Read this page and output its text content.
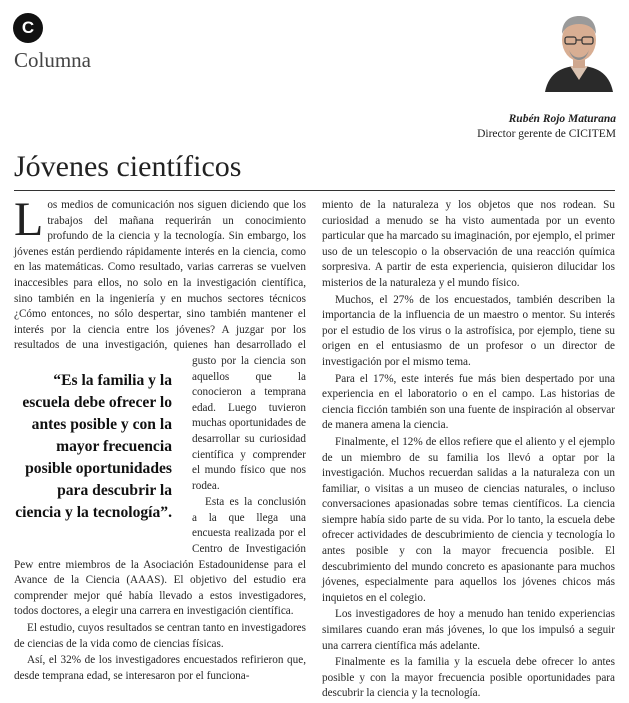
C
Columna
Rubén Rojo Maturana
Director gerente de CICITEM
Jóvenes científicos

L os medios de comunicación nos siguen diciendo que los trabajos del mañana requerirán un conocimiento profundo de la ciencia y la tecnología. Sin embargo, los jóvenes están perdiendo rápidamente interés en la ciencia, como en las matemáticas. Como resultado, varias carreras se vuelven inaccesibles para ellos, no solo en la investigación científica, sino también en la ingeniería y en muchos sectores técnicos ¿Cómo entonces, no sólo despertar, sino también mantener el interés por la ciencia entre los jóvenes? A juzgar por los resultados de una investigación, quienes han
desarrollado el gusto por la ciencia son aquellos que la conocieron a temprana edad. Luego tuvieron muchas oportunidades de desarrollar su curiosidad científica y comprender el mundo físico que nos rodea.

Esta es la conclusión a la que llega una encuesta realizada por el Centro de Investigación Pew entre miembros de la Asociación Estadounidense para el Avance de la Ciencia (AAAS). El objetivo del estudio era comprender mejor qué había llevado a estos investigadores, todos doctores, a elegir una carrera en investigación científica.

El estudio, cuyos resultados se centran tanto en investigadores de ciencias de la vida como de ciencias físicas.

Así, el 32% de los investigadores encuestados refirieron que, desde temprana edad, se interesaron por el funciona-

“Es la familia y la escuela debe ofrecer lo antes posible y con la mayor frecuencia posible oportunidades para descubrir la ciencia y la tecnología”.

miento de la naturaleza y los objetos que nos rodean. Su curiosidad a menudo se ha visto aumentada por un evento particular que ha marcado su imaginación, por ejemplo, el primer uso de un telescopio o la observación de una reacción química sorpresiva. A partir de esta experiencia, quisieron dilucidar los misterios de la naturaleza y el mundo físico.

Muchos, el 27% de los encuestados, también describen la importancia de la influencia de un maestro o mentor. Su interés por el estudio de los virus o la astrofísica, por ejemplo, tiene su origen en el entusiasmo de un profesor o un director de investigación por el mismo tema.

Para el 17%, este interés fue más bien despertado por una experiencia en el laboratorio o en el campo. Las historias de ciencia ficción también son una fuente de inspiración al observar de manera amena la ciencia.

Finalmente, el 12% de ellos refiere que el aliento y el ejemplo de un miembro de su familia los llevó a optar por la investigación. Muchos recuerdan salidas a la naturaleza con un familiar, o visitas a un museo de ciencias naturales, o incluso conversaciones apasionadas sobre temas científicos. La ciencia siempre había sido parte de su vida. Por lo tanto, la escuela debe ofrecer actividades de descubrimiento de ciencia y tecnología lo antes posible y con la mayor frecuencia posible. El descubrimiento del mundo concreto es apasionante para muchos jóvenes, especialmente para aquellos los jóvenes chicos más inquietos en el colegio.

Los investigadores de hoy a menudo han tenido experiencias similares cuando eran más jóvenes, lo que los impulsó a seguir una carrera científica más adelante.

Finalmente es la familia y la escuela debe ofrecer lo antes posible y con la mayor frecuencia posible oportunidades para descubrir la ciencia y la tecnología.
